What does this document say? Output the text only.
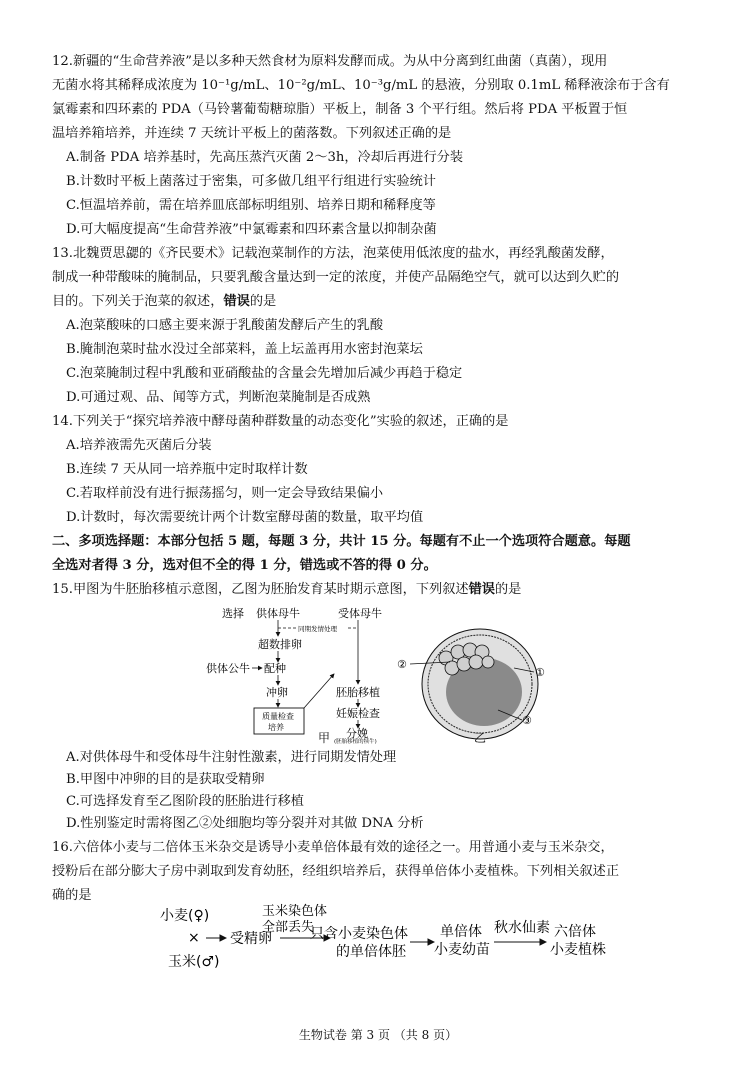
12.新疆的“生命营养液”是以多种天然食材为原料发酵而成。为从中分离到红曲菌（真菌），现用
无菌水将其稀释成浓度为 10⁻¹g/mL、10⁻²g/mL、10⁻³g/mL 的悬液，分别取 0.1mL 稀释液涂布于含有
氯霉素和四环素的 PDA（马铃薯葡萄糖琼脂）平板上，制备 3 个平行组。然后将 PDA 平板置于恒
温培养箱培养，并连续 7 天统计平板上的菌落数。下列叙述正确的是
A.制备 PDA 培养基时，先高压蒸汽灭菌 2～3h，冷却后再进行分装
B.计数时平板上菌落过于密集，可多做几组平行组进行实验统计
C.恒温培养前，需在培养皿底部标明组别、培养日期和稀释度等
D.可大幅度提高“生命营养液”中氯霉素和四环素含量以抑制杂菌
13.北魏贾思勰的《齐民要术》记载泡菜制作的方法，泡菜使用低浓度的盐水，再经乳酸菌发酵，
制成一种带酸味的腌制品，只要乳酸含量达到一定的浓度，并使产品隔绝空气，就可以达到久贮的
目的。下列关于泡菜的叙述，错误的是
A.泡菜酸味的口感主要来源于乳酸菌发酵后产生的乳酸
B.腌制泡菜时盐水没过全部菜料，盖上坛盖再用水密封泡菜坛
C.泡菜腌制过程中乳酸和亚硝酸盐的含量会先增加后减少再趋于稳定
D.可通过观、品、闻等方式，判断泡菜腌制是否成熟
14.下列关于“探究培养液中酵母菌种群数量的动态变化”实验的叙述，正确的是
A.培养液需先灭菌后分装
B.连续 7 天从同一培养瓶中定时取样计数
C.若取样前没有进行振荡摇匀，则一定会导致结果偏小
D.计数时，每次需要统计两个计数室酵母菌的数量，取平均值
二、多项选择题：本部分包括 5 题，每题 3 分，共计 15 分。每题有不止一个选项符合题意。每题
全选对者得 3 分，选对但不全的得 1 分，错选或不答的得 0 分。
15.甲图为牛胚胎移植示意图，乙图为胚胎发育某时期示意图，下列叙述错误的是
选择 供体母牛	受体母牛
同期发情处理
超数排卵
供体公牛 配种
冲卵
质量检查
培养
胚胎移植
妊娠检查
分娩
(胚胎移植的犊牛)
甲
②
①
③
乙
A.对供体母牛和受体母牛注射性激素，进行同期发情处理
B.甲图中冲卵的目的是获取受精卵
C.可选择发育至乙图阶段的胚胎进行移植
D.性别鉴定时需将图乙②处细胞均等分裂并对其做 DNA 分析
16.六倍体小麦与二倍体玉米杂交是诱导小麦单倍体最有效的途径之一。用普通小麦与玉米杂交，
授粉后在部分膨大子房中剥取到发育幼胚，经组织培养后，获得单倍体小麦植株。下列相关叙述正
确的是
小麦(♀)
×
玉米(♂)
受精卵
玉米染色体
全部丢失
只含小麦染色体
的单倍体胚
单倍体
小麦幼苗
秋水仙素 六倍体
小麦植株
生物试卷 第 3 页 （共 8 页）
